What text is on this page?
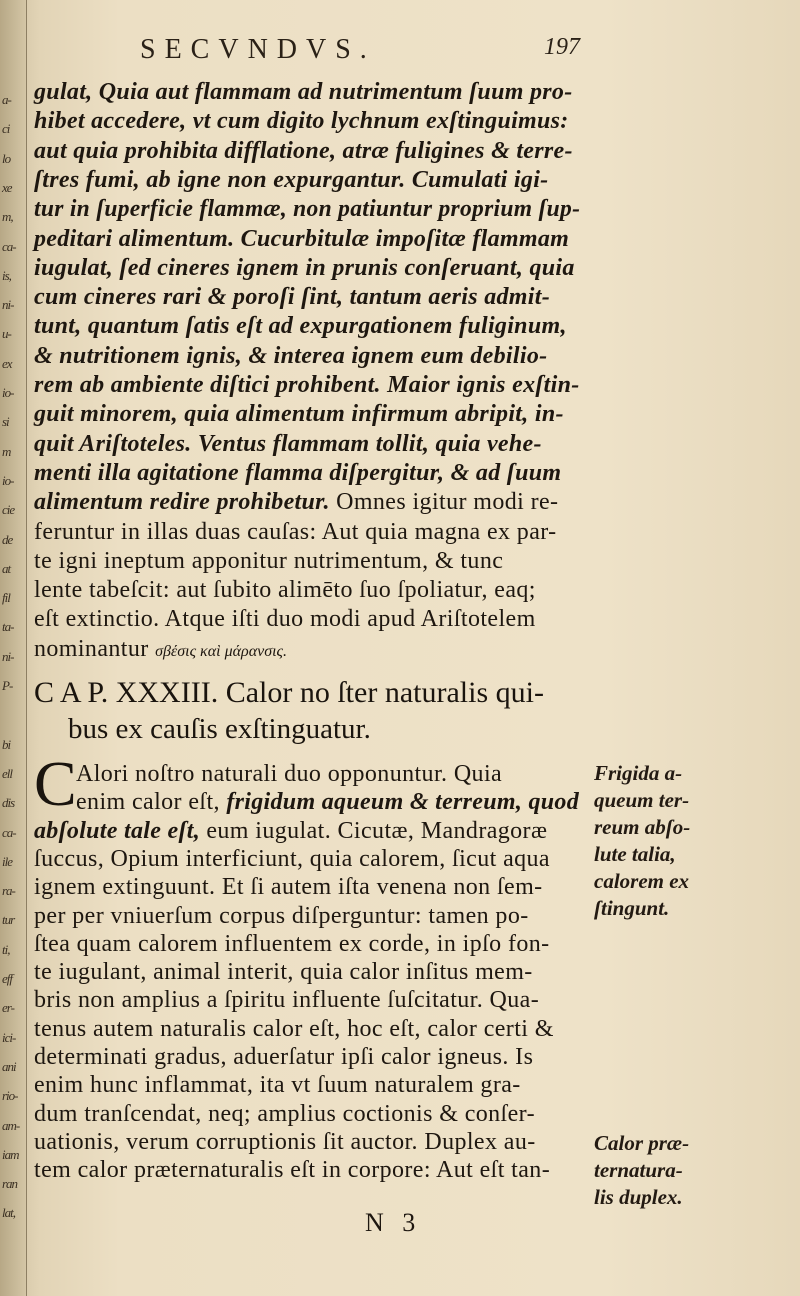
a-
ci
lo
xe
m,
ca-
is,
ni-
u-
ex
io-
si
m
io-
cie
de
at
fil
ta-
ni-
P-
bi
ell
dis
ca-
ile
ra-
tur
ti,
eff
er-
ici-
ani
rio-
am-
iam
ran
lat,
SECVNDVS.	197
gulat, Quia aut flammam ad nutrimentum ſuum pro-
hibet accedere, vt cum digito lychnum exſtinguimus:
aut quia prohibita difflatione, atræ fuligines & terre-
ſtres fumi, ab igne non expurgantur. Cumulati igi-
tur in ſuperficie flammæ, non patiuntur proprium ſup-
peditari alimentum. Cucurbitulæ impoſitæ flammam
iugulat, ſed cineres ignem in prunis conſeruant, quia
cum cineres rari & poroſi ſint, tantum aeris admit-
tunt, quantum ſatis eſt ad expurgationem fuliginum,
& nutritionem ignis, & interea ignem eum debilio-
rem ab ambiente diſtici prohibent. Maior ignis exſtin-
guit minorem, quia alimentum infirmum abripit, in-
quit Ariſtoteles. Ventus flammam tollit, quia vehe-
menti illa agitatione flamma diſpergitur, & ad ſuum
alimentum redire prohibetur. Omnes igitur modi re-
feruntur in illas duas cauſas: Aut quia magna ex par-
te igni ineptum apponitur nutrimentum, & tunc
lente tabeſcit: aut ſubito alimēto ſuo ſpoliatur, eaq;
eſt extinctio. Atque iſti duo modi apud Ariſtotelem
nominantur σβέσις καὶ μάρανσις.
C A P. XXXIII. Calor no ſter naturalis qui-
bus ex cauſis exſtinguatur.
C Alori noſtro naturali duo opponuntur. Quia
enim calor eſt, frigidum aqueum & terreum, quod
abſolute tale eſt, eum iugulat. Cicutæ, Mandragoræ
ſuccus, Opium interficiunt, quia calorem, ſicut aqua
ignem extinguunt. Et ſi autem iſta venena non ſem-
per per vniuerſum corpus diſperguntur: tamen po-
ſtea quam calorem influentem ex corde, in ipſo fon-
te iugulant, animal interit, quia calor inſitus mem-
bris non amplius a ſpiritu influente ſuſcitatur. Qua-
tenus autem naturalis calor eſt, hoc eſt, calor certi &
determinati gradus, aduerſatur ipſi calor igneus. Is
enim hunc inflammat, ita vt ſuum naturalem gra-
dum tranſcendat, neq; amplius coctionis & conſer-
uationis, verum corruptionis ſit auctor. Duplex au-
tem calor præternaturalis eſt in corpore: Aut eſt tan-
Frigida a-
queum ter-
reum abſo-
lute talia,
calorem ex
ſtingunt.
Calor præ-
ternatura-
lis duplex.
N 3
